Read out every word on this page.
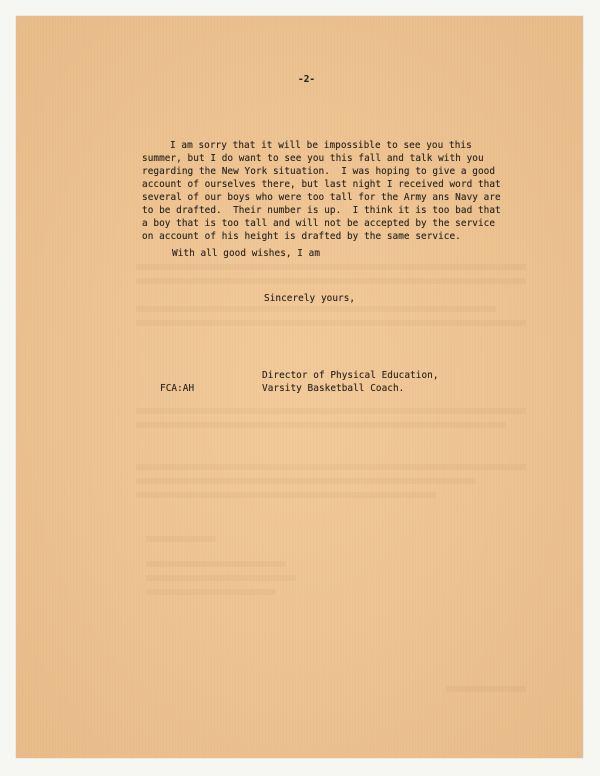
-2-
I am sorry that it will be impossible to see you this
summer, but I do want to see you this fall and talk with you
regarding the New York situation.  I was hoping to give a good
account of ourselves there, but last night I received word that
several of our boys who were too tall for the Army ans Navy are
to be drafted.  Their number is up.  I think it is too bad that
a boy that is too tall and will not be accepted by the service
on account of his height is drafted by the same service.
With all good wishes, I am
Sincerely yours,
Director of Physical Education,
Varsity Basketball Coach.
FCA:AH
